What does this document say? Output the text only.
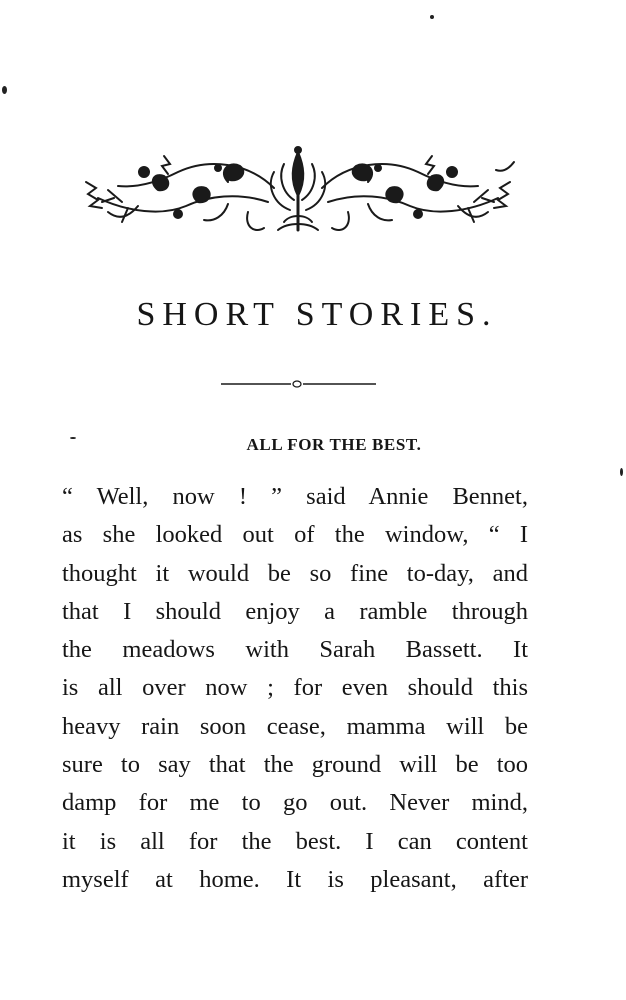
SHORT STORIES.
ALL FOR THE BEST.
“ Well, now ! ” said Annie Bennet,
as she looked out of the window, “ I
thought it would be so fine to-day, and
that I should enjoy a ramble through
the meadows with Sarah Bassett. It
is all over now ; for even should this
heavy rain soon cease, mamma will be
sure to say that the ground will be too
damp for me to go out. Never mind,
it is all for the best. I can content
myself at home. It is pleasant, after
